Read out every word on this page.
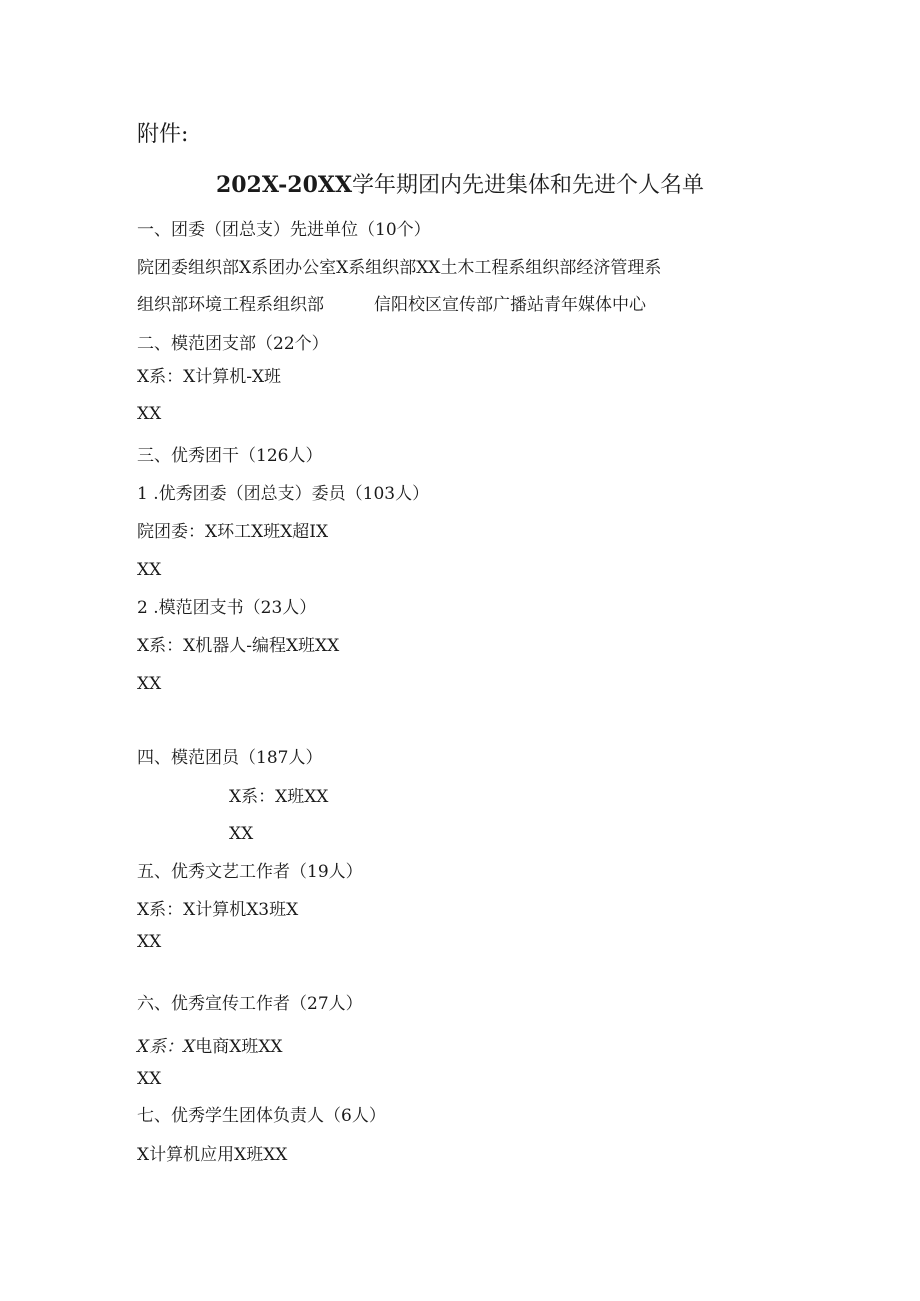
附件:
202X-20XX学年期团内先进集体和先进个人名单
一、团委（团总支）先进单位（10个）
院团委组织部X系团办公室X系组织部XX土木工程系组织部经济管理系
组织部环境工程系组织部	信阳校区宣传部广播站青年媒体中心
二、模范团支部（22个）
X系：X计算机-X班
XX
三、优秀团干（126人）
1 .优秀团委（团总支）委员（103人）
院团委：X环工X班X超IX
XX
2 .模范团支书（23人）
X系：X机器人-编程X班XX
XX
四、模范团员（187人）
X系：X班XX
XX
五、优秀文艺工作者（19人）
X系：X计算机X3班X
XX
六、优秀宣传工作者（27人）
X系：X电商X班XX
XX
七、优秀学生团体负责人（6人）
X计算机应用X班XX
